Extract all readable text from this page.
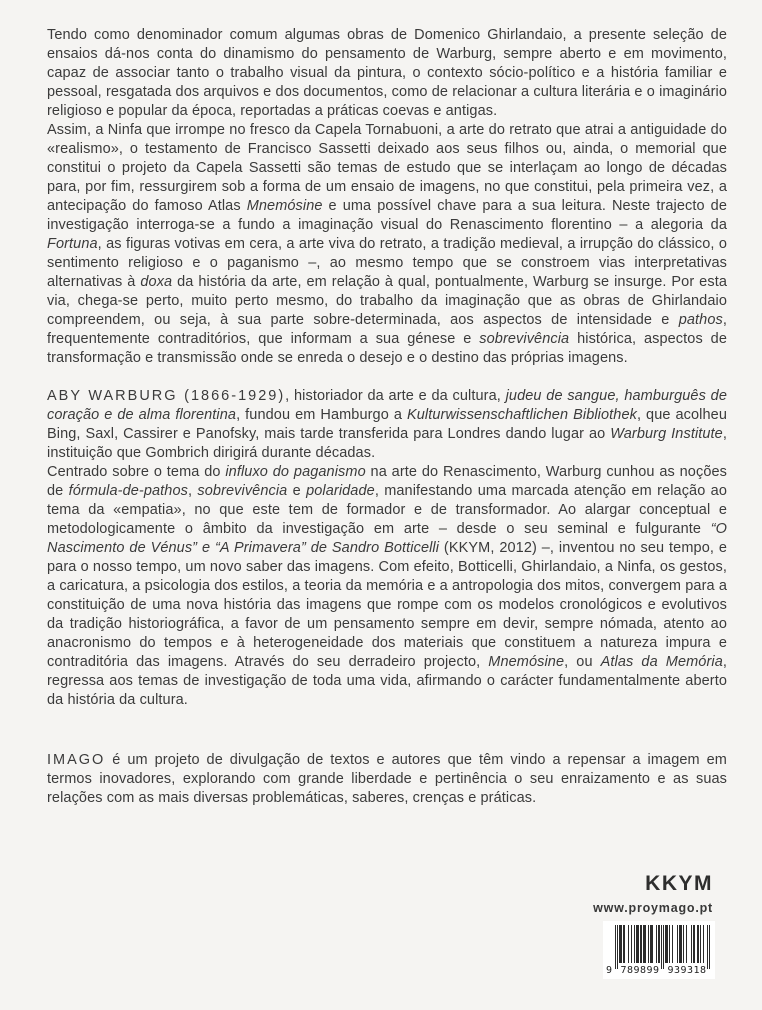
Tendo como denominador comum algumas obras de Domenico Ghirlandaio, a presente seleção de ensaios dá-nos conta do dinamismo do pensamento de Warburg, sempre aberto e em movimento, capaz de associar tanto o trabalho visual da pintura, o contexto sócio-político e a história familiar e pessoal, resgatada dos arquivos e dos documentos, como de relacionar a cultura literária e o imaginário religioso e popular da época, reportadas a práticas coevas e antigas.

Assim, a Ninfa que irrompe no fresco da Capela Tornabuoni, a arte do retrato que atrai a antiguidade do «realismo», o testamento de Francisco Sassetti deixado aos seus filhos ou, ainda, o memorial que constitui o projeto da Capela Sassetti são temas de estudo que se interlaçam ao longo de décadas para, por fim, ressurgirem sob a forma de um ensaio de imagens, no que constitui, pela primeira vez, a antecipação do famoso Atlas Mnemósine e uma possível chave para a sua leitura. Neste trajecto de investigação interroga-se a fundo a imaginação visual do Renascimento florentino – a alegoria da Fortuna, as figuras votivas em cera, a arte viva do retrato, a tradição medieval, a irrupção do clássico, o sentimento religioso e o paganismo –, ao mesmo tempo que se constroem vias interpretativas alternativas à doxa da história da arte, em relação à qual, pontualmente, Warburg se insurge. Por esta via, chega-se perto, muito perto mesmo, do trabalho da imaginação que as obras de Ghirlandaio compreendem, ou seja, à sua parte sobre-determinada, aos aspectos de intensidade e pathos, frequentemente contraditórios, que informam a sua génese e sobrevivência histórica, aspectos de transformação e transmissão onde se enreda o desejo e o destino das próprias imagens.

ABY WARBURG (1866-1929), historiador da arte e da cultura, judeu de sangue, hamburguês de coração e de alma florentina, fundou em Hamburgo a Kulturwissenschaftlichen Bibliothek, que acolheu Bing, Saxl, Cassirer e Panofsky, mais tarde transferida para Londres dando lugar ao Warburg Institute, instituição que Gombrich dirigirá durante décadas.

Centrado sobre o tema do influxo do paganismo na arte do Renascimento, Warburg cunhou as noções de fórmula-de-pathos, sobrevivência e polaridade, manifestando uma marcada atenção em relação ao tema da «empatia», no que este tem de formador e de transformador. Ao alargar conceptual e metodologicamente o âmbito da investigação em arte – desde o seu seminal e fulgurante “O Nascimento de Vénus” e “A Primavera” de Sandro Botticelli (KKYM, 2012) –, inventou no seu tempo, e para o nosso tempo, um novo saber das imagens. Com efeito, Botticelli, Ghirlandaio, a Ninfa, os gestos, a caricatura, a psicologia dos estilos, a teoria da memória e a antropologia dos mitos, convergem para a constituição de uma nova história das imagens que rompe com os modelos cronológicos e evolutivos da tradição historiográfica, a favor de um pensamento sempre em devir, sempre nómada, atento ao anacronismo do tempos e à heterogeneidade dos materiais que constituem a natureza impura e contraditória das imagens. Através do seu derradeiro projecto, Mnemósine, ou Atlas da Memória, regressa aos temas de investigação de toda uma vida, afirmando o carácter fundamentalmente aberto da história da cultura.

IMAGO é um projeto de divulgação de textos e autores que têm vindo a repensar a imagem em termos inovadores, explorando com grande liberdade e pertinência o seu enraizamento e as suas relações com as mais diversas problemáticas, saberes, crenças e práticas.

KKYM
www.proymago.pt
9 789899 939318
